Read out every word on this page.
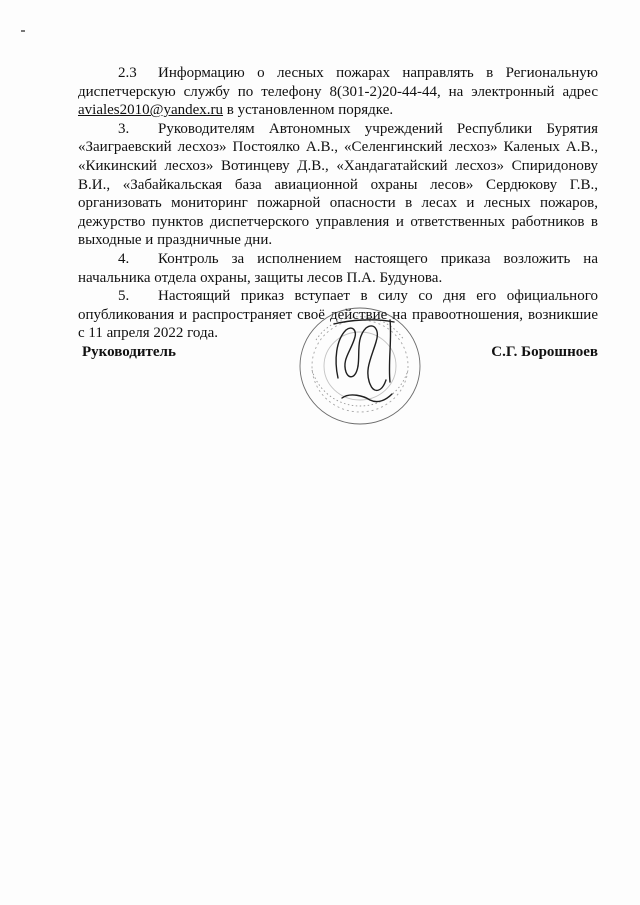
2.3 Информацию о лесных пожарах направлять в Региональную диспетчерскую службу по телефону 8(301-2)20-44-44, на электронный адрес aviales2010@yandex.ru в установленном порядке.

3. Руководителям Автономных учреждений Республики Бурятия «Заиграевский лесхоз» Постоялко А.В., «Селенгинский лесхоз» Каленых А.В., «Кикинский лесхоз» Вотинцеву Д.В., «Хандагатайский лесхоз» Спиридонову В.И., «Забайкальская база авиационной охраны лесов» Сердюкову Г.В., организовать мониторинг пожарной опасности в лесах и лесных пожаров, дежурство пунктов диспетчерского управления и ответственных работников в выходные и праздничные дни.

4. Контроль за исполнением настоящего приказа возложить на начальника отдела охраны, защиты лесов П.А. Будунова.

5. Настоящий приказ вступает в силу со дня его официального опубликования и распространяет своё действие на правоотношения, возникшие с 11 апреля 2022 года.

Руководитель	С.Г. Борошноев
